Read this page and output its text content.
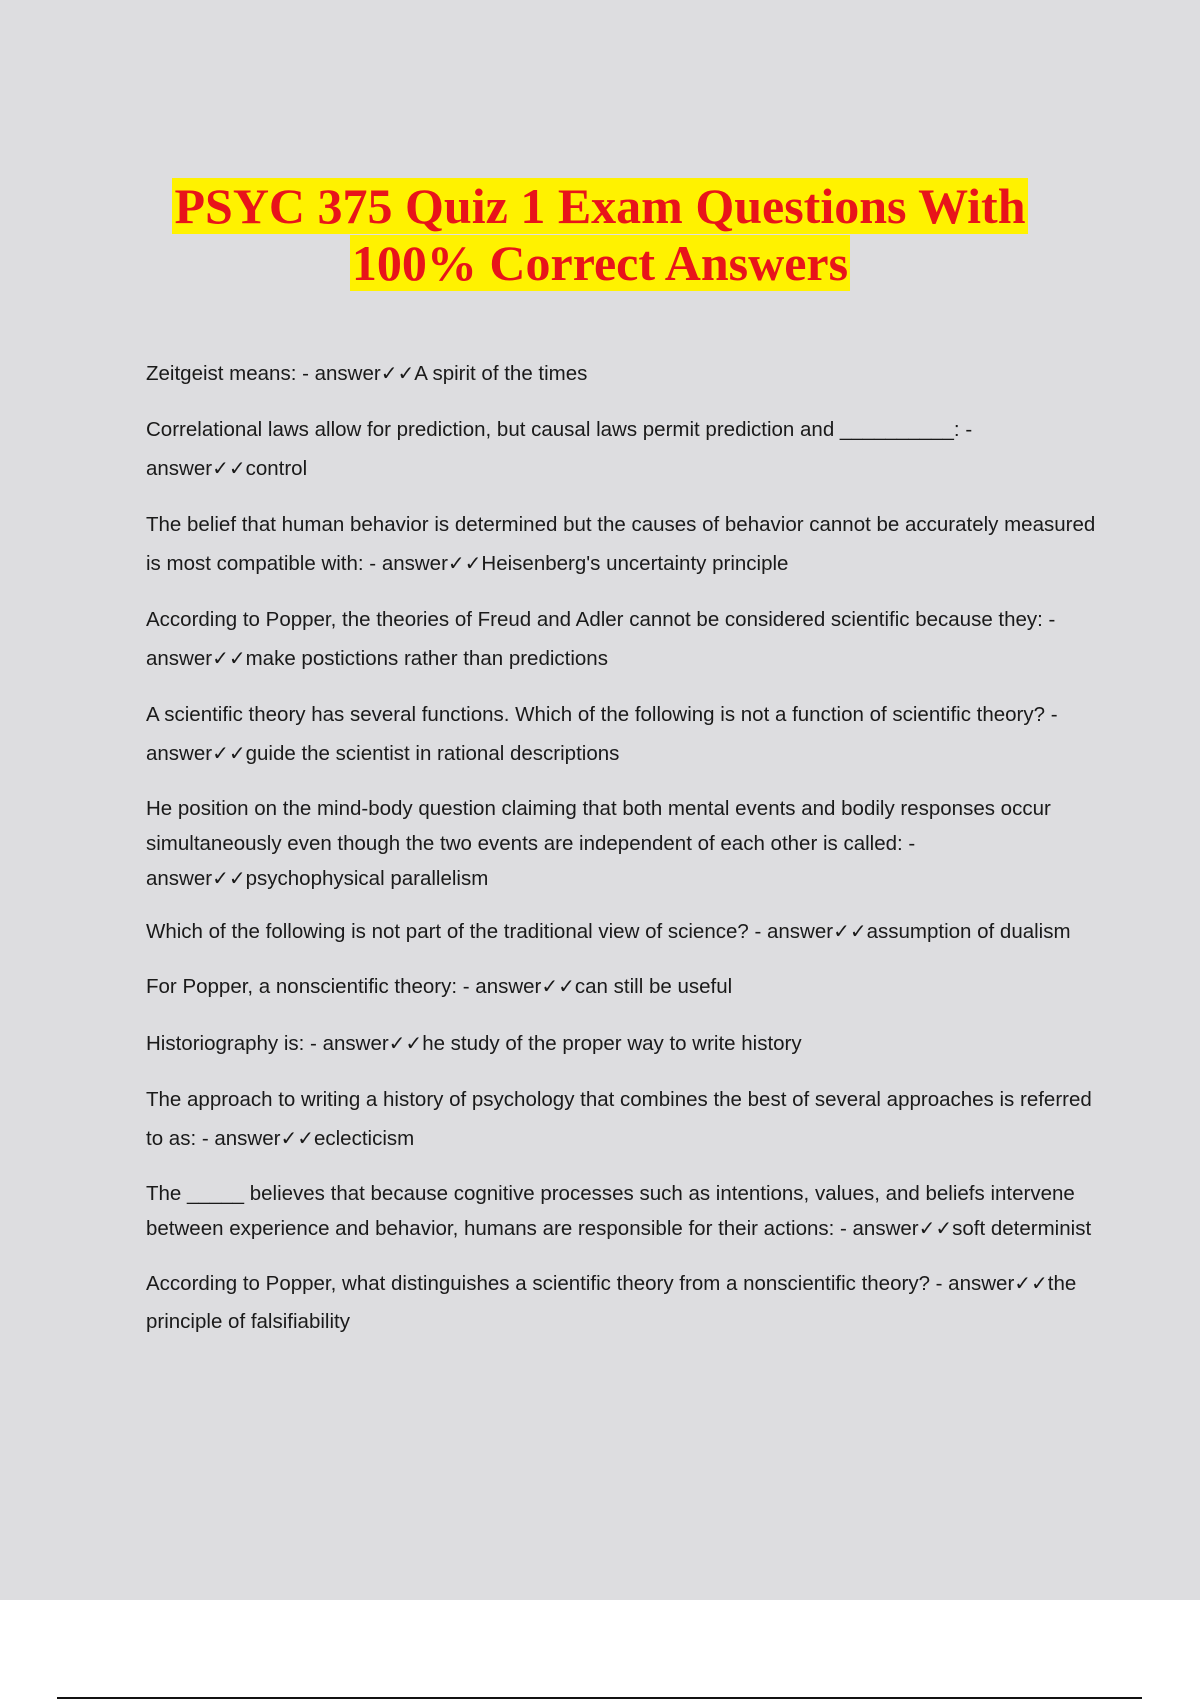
PSYC 375 Quiz 1 Exam Questions With
100% Correct Answers

Zeitgeist means: - answer✓✓A spirit of the times

Correlational laws allow for prediction, but causal laws permit prediction and __________: - answer✓✓control

The belief that human behavior is determined but the causes of behavior cannot be accurately measured is most compatible with: - answer✓✓Heisenberg's uncertainty principle

According to Popper, the theories of Freud and Adler cannot be considered scientific because they: - answer✓✓make postictions rather than predictions

A scientific theory has several functions. Which of the following is not a function of scientific theory? - answer✓✓guide the scientist in rational descriptions

He position on the mind-body question claiming that both mental events and bodily responses occur simultaneously even though the two events are independent of each other is called: - answer✓✓psychophysical parallelism

Which of the following is not part of the traditional view of science? - answer✓✓assumption of dualism

For Popper, a nonscientific theory: - answer✓✓can still be useful

Historiography is: - answer✓✓he study of the proper way to write history

The approach to writing a history of psychology that combines the best of several approaches is referred to as: - answer✓✓eclecticism

The _____ believes that because cognitive processes such as intentions, values, and beliefs intervene between experience and behavior, humans are responsible for their actions: - answer✓✓soft determinist

According to Popper, what distinguishes a scientific theory from a nonscientific theory? - answer✓✓the principle of falsifiability
